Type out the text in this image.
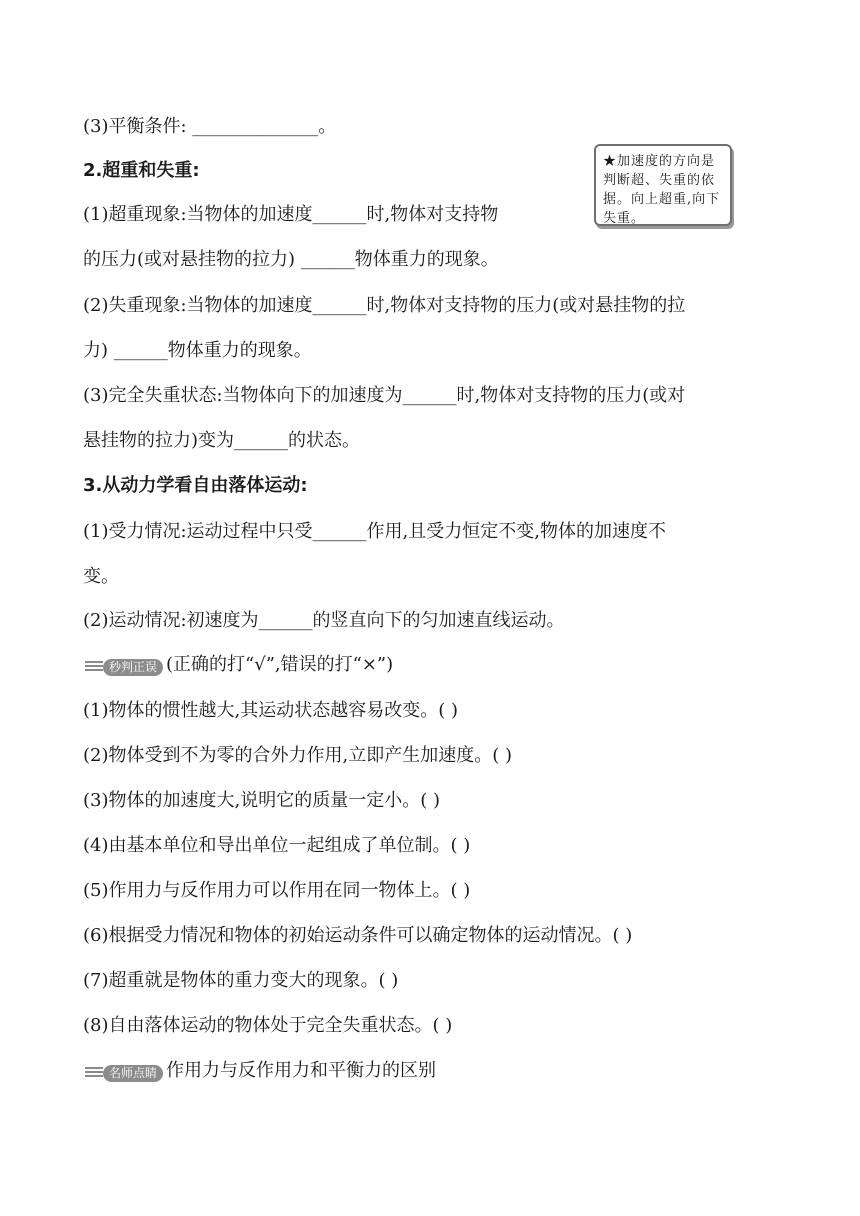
(3)平衡条件: ______________。
2.超重和失重:	★加速度的方向是判断超、失重的依据。向上超重,向下失重。
(1)超重现象:当物体的加速度______时,物体对支持物
的压力(或对悬挂物的拉力) ______物体重力的现象。
(2)失重现象:当物体的加速度______时,物体对支持物的压力(或对悬挂物的拉
力) ______物体重力的现象。
(3)完全失重状态:当物体向下的加速度为______时,物体对支持物的压力(或对
悬挂物的拉力)变为______的状态。
3.从动力学看自由落体运动:
(1)受力情况:运动过程中只受______作用,且受力恒定不变,物体的加速度不
变。
(2)运动情况:初速度为______的竖直向下的匀加速直线运动。
秒判正误 (正确的打“√”,错误的打“×”)
(1)物体的惯性越大,其运动状态越容易改变。( )
(2)物体受到不为零的合外力作用,立即产生加速度。( )
(3)物体的加速度大,说明它的质量一定小。( )
(4)由基本单位和导出单位一起组成了单位制。( )
(5)作用力与反作用力可以作用在同一物体上。( )
(6)根据受力情况和物体的初始运动条件可以确定物体的运动情况。( )
(7)超重就是物体的重力变大的现象。( )
(8)自由落体运动的物体处于完全失重状态。( )
名师点睛 作用力与反作用力和平衡力的区别
